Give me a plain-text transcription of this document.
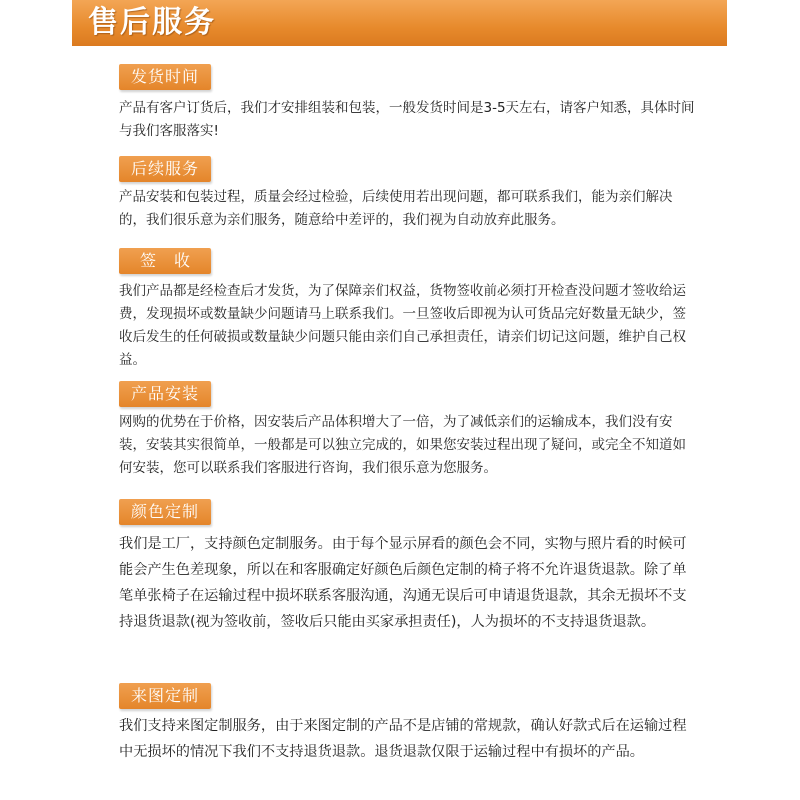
售后服务
发货时间

产品有客户订货后，我们才安排组装和包装，一般发货时间是3-5天左右，请客户知悉，具体时间与我们客服落实!

后续服务

产品安装和包装过程，质量会经过检验，后续使用若出现问题，都可联系我们，能为亲们解决的，我们很乐意为亲们服务，随意给中差评的，我们视为自动放弃此服务。

签收

我们产品都是经检查后才发货，为了保障亲们权益，货物签收前必须打开检查没问题才签收给运费，发现损坏或数量缺少问题请马上联系我们。一旦签收后即视为认可货品完好数量无缺少，签收后发生的任何破损或数量缺少问题只能由亲们自己承担责任，请亲们切记这问题，维护自己权益。

产品安装

网购的优势在于价格，因安装后产品体积增大了一倍，为了减低亲们的运输成本，我们没有安装，安装其实很简单，一般都是可以独立完成的，如果您安装过程出现了疑问，或完全不知道如何安装，您可以联系我们客服进行咨询，我们很乐意为您服务。

颜色定制

我们是工厂，支持颜色定制服务。由于每个显示屏看的颜色会不同，实物与照片看的时候可能会产生色差现象，所以在和客服确定好颜色后颜色定制的椅子将不允许退货退款。除了单笔单张椅子在运输过程中损坏联系客服沟通，沟通无误后可申请退货退款，其余无损坏不支持退货退款(视为签收前，签收后只能由买家承担责任)，人为损坏的不支持退货退款。

来图定制

我们支持来图定制服务，由于来图定制的产品不是店铺的常规款，确认好款式后在运输过程中无损坏的情况下我们不支持退货退款。退货退款仅限于运输过程中有损坏的产品。
